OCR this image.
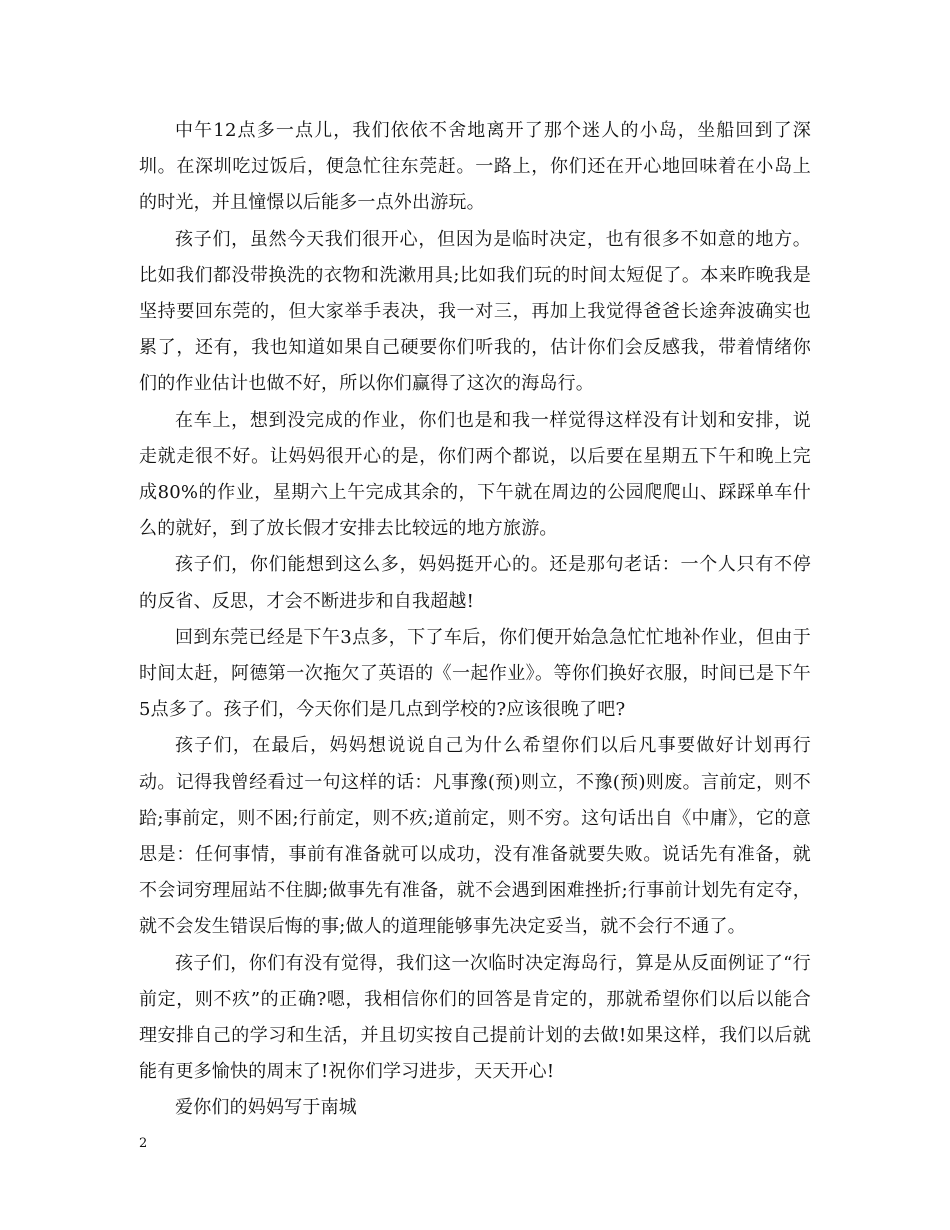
中午12点多一点儿，我们依依不舍地离开了那个迷人的小岛，坐船回到了深圳。在深圳吃过饭后，便急忙往东莞赶。一路上，你们还在开心地回味着在小岛上的时光，并且憧憬以后能多一点外出游玩。

孩子们，虽然今天我们很开心，但因为是临时决定，也有很多不如意的地方。比如我们都没带换洗的衣物和洗漱用具;比如我们玩的时间太短促了。本来昨晚我是坚持要回东莞的，但大家举手表决，我一对三，再加上我觉得爸爸长途奔波确实也累了，还有，我也知道如果自己硬要你们听我的，估计你们会反感我，带着情绪你们的作业估计也做不好，所以你们赢得了这次的海岛行。

在车上，想到没完成的作业，你们也是和我一样觉得这样没有计划和安排，说走就走很不好。让妈妈很开心的是，你们两个都说，以后要在星期五下午和晚上完成80%的作业，星期六上午完成其余的，下午就在周边的公园爬爬山、踩踩单车什么的就好，到了放长假才安排去比较远的地方旅游。

孩子们，你们能想到这么多，妈妈挺开心的。还是那句老话：一个人只有不停的反省、反思，才会不断进步和自我超越!

回到东莞已经是下午3点多，下了车后，你们便开始急急忙忙地补作业，但由于时间太赶，阿德第一次拖欠了英语的《一起作业》。等你们换好衣服，时间已是下午5点多了。孩子们，今天你们是几点到学校的?应该很晚了吧?

孩子们，在最后，妈妈想说说自己为什么希望你们以后凡事要做好计划再行动。记得我曾经看过一句这样的话：凡事豫(预)则立，不豫(预)则废。言前定，则不跲;事前定，则不困;行前定，则不疚;道前定，则不穷。这句话出自《中庸》，它的意思是：任何事情，事前有准备就可以成功，没有准备就要失败。说话先有准备，就不会词穷理屈站不住脚;做事先有准备，就不会遇到困难挫折;行事前计划先有定夺，就不会发生错误后悔的事;做人的道理能够事先决定妥当，就不会行不通了。

孩子们，你们有没有觉得，我们这一次临时决定海岛行，算是从反面例证了“行前定，则不疚”的正确?嗯，我相信你们的回答是肯定的，那就希望你们以后以能合理安排自己的学习和生活，并且切实按自己提前计划的去做!如果这样，我们以后就能有更多愉快的周末了!祝你们学习进步，天天开心!

爱你们的妈妈写于南城

2
